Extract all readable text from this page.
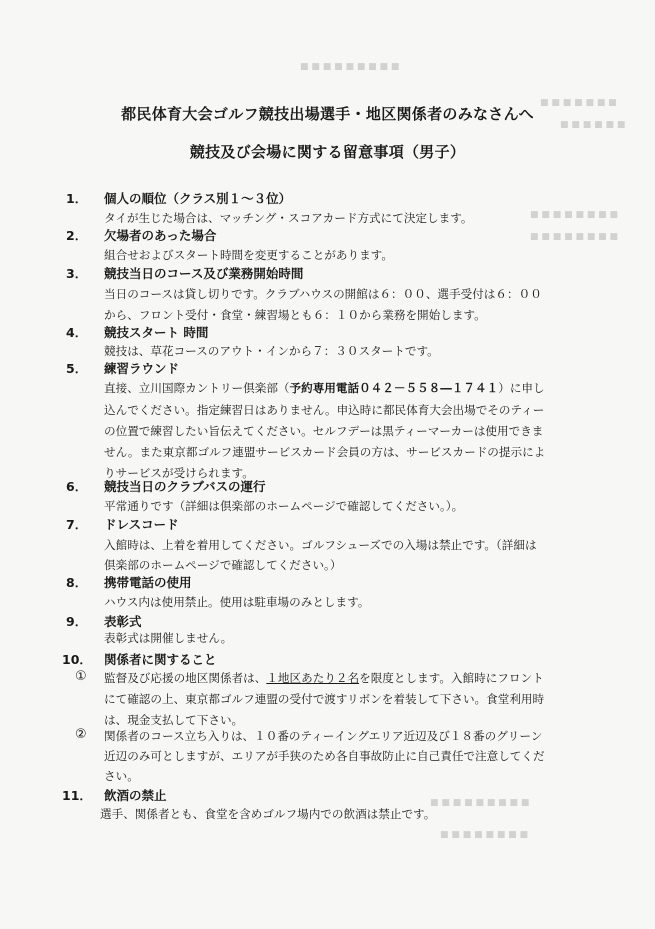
■ ■ ■ ■ ■ ■ ■ ■ ■
■ ■ ■ ■ ■ ■ ■
■ ■ ■ ■ ■ ■
■ ■ ■ ■ ■ ■ ■ ■
■ ■ ■ ■ ■ ■ ■ ■
■ ■ ■ ■ ■ ■ ■ ■ ■
■ ■ ■ ■ ■ ■ ■ ■
都民体育大会ゴルフ競技出場選手・地区関係者のみなさんへ
競技及び会場に関する留意事項（男子）
1． 個人の順位（クラス別１～３位）
タイが生じた場合は、マッチング・スコアカード方式にて決定します。
2． 欠場者のあった場合
組合せおよびスタート時間を変更することがあります。
3． 競技当日のコース及び業務開始時間
当日のコースは貸し切りです。クラブハウスの開館は６：００、選手受付は６：００
から、フロント受付・食堂・練習場とも６：１０から業務を開始します。
4． 競技スタート 時間
競技は、草花コースのアウト・インから７：３０スタートです。
5． 練習ラウンド
直接、立川国際カントリー倶楽部（予約専用電話０４２－５５８―１７４１）に申し
込んでください。指定練習日はありません。申込時に都民体育大会出場でそのティー
の位置で練習したい旨伝えてください。セルフデーは黒ティーマーカーは使用できま
せん。また東京都ゴルフ連盟サービスカード会員の方は、サービスカードの提示によ
りサービスが受けられます。
6． 競技当日のクラブバスの運行
平常通りです（詳細は倶楽部のホームページで確認してください。）。
7． ドレスコード
入館時は、上着を着用してください。ゴルフシューズでの入場は禁止です。（詳細は
倶楽部のホームページで確認してください。）
8． 携帯電話の使用
ハウス内は使用禁止。使用は駐車場のみとします。
9． 表彰式
表彰式は開催しません。
10． 関係者に関すること
① 監督及び応援の地区関係者は、１地区あたり２名を限度とします。入館時にフロント
にて確認の上、東京都ゴルフ連盟の受付で渡すリボンを着装して下さい。食堂利用時
は、現金支払して下さい。
② 関係者のコース立ち入りは、１０番のティーイングエリア近辺及び１８番のグリーン
近辺のみ可としますが、エリアが手狭のため各自事故防止に自己責任で注意してくだ
さい。
11． 飲酒の禁止
選手、関係者とも、食堂を含めゴルフ場内での飲酒は禁止です。
